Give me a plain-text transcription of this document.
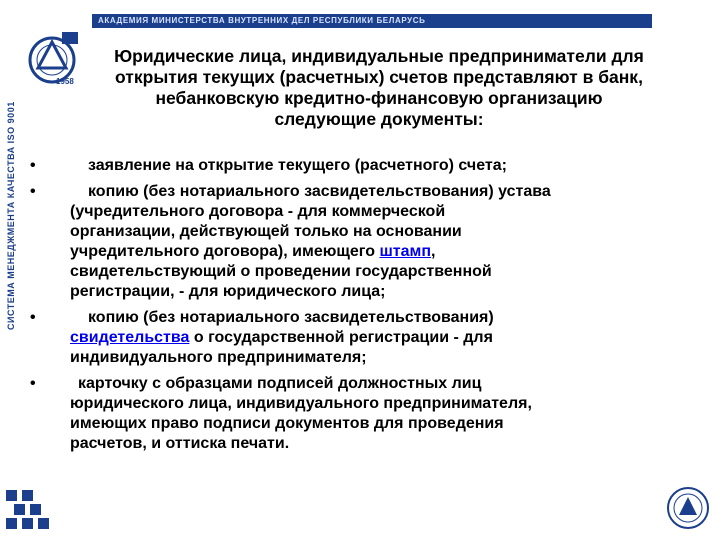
АКАДЕМИЯ МИНИСТЕРСТВА ВНУТРЕННИХ ДЕЛ РЕСПУБЛИКИ БЕЛАРУСЬ
1958
СИСТЕМА МЕНЕДЖМЕНТА КАЧЕСТВА ISO 9001
Юридические лица, индивидуальные предприниматели для
открытия текущих (расчетных) счетов представляют в банк,
небанковскую кредитно-финансовую организацию
следующие документы:
•	заявление на открытие текущего (расчетного) счета;
•	копию (без нотариального засвидетельствования) устава
(учредительного договора - для коммерческой
организации, действующей только на основании
учредительного договора), имеющего штамп,
свидетельствующий о проведении государственной
регистрации, - для юридического лица;
•	копию (без нотариального засвидетельствования)
свидетельства о государственной регистрации - для
индивидуального предпринимателя;
•	карточку с образцами подписей должностных лиц
юридического лица, индивидуального предпринимателя,
имеющих право подписи документов для проведения
расчетов, и оттиска печати.
